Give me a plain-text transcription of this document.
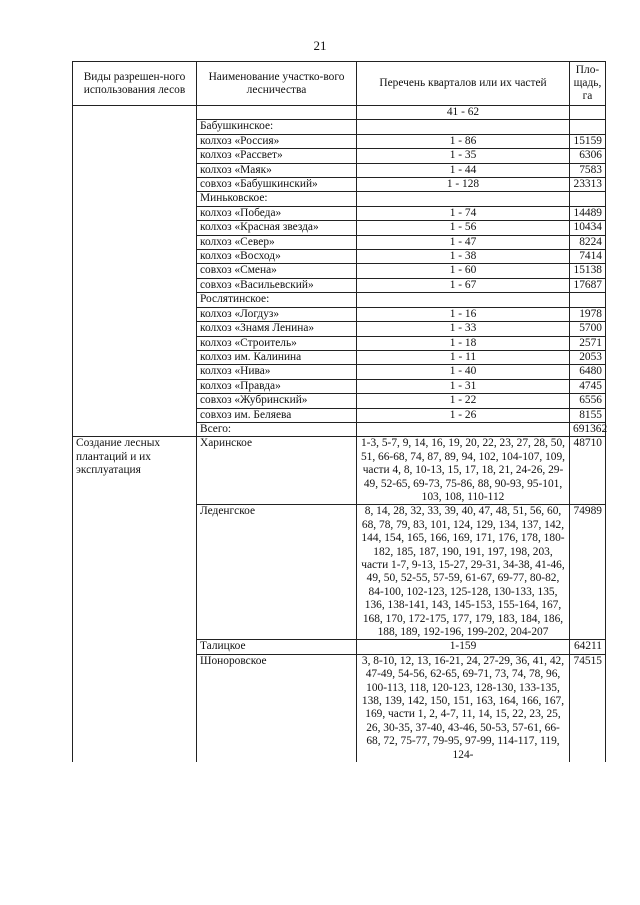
21
Виды разрешен-ного использования лесов	Наименование участко-вого лесничества	Перечень кварталов или их частей	Пло-щадь, га
		41 - 62	
	Бабушкинское:		
	колхоз «Россия»	1 - 86	15159
	колхоз «Рассвет»	1 - 35	6306
	колхоз «Маяк»	1 - 44	7583
	совхоз «Бабушкинский»	1 - 128	23313
	Миньковское:		
	колхоз «Победа»	1 - 74	14489
	колхоз «Красная звезда»	1 - 56	10434
	колхоз «Север»	1 - 47	8224
	колхоз «Восход»	1 - 38	7414
	совхоз «Смена»	1 - 60	15138
	совхоз «Васильевский»	1 - 67	17687
	Рослятинское:		
	колхоз «Логдуз»	1 - 16	1978
	колхоз «Знамя Ленина»	1 - 33	5700
	колхоз «Строитель»	1 - 18	2571
	колхоз им. Калинина	1 - 11	2053
	колхоз «Нива»	1 - 40	6480
	колхоз «Правда»	1 - 31	4745
	совхоз «Жубринский»	1 - 22	6556
	совхоз им. Беляева	1 - 26	8155
	Всего:		691362
Создание лесных плантаций и их эксплуатация	Харинское	1-3, 5-7, 9, 14, 16, 19, 20, 22, 23, 27, 28, 50, 51, 66-68, 74, 87, 89, 94, 102, 104-107, 109, части 4, 8, 10-13, 15, 17, 18, 21, 24-26, 29-49, 52-65, 69-73, 75-86, 88, 90-93, 95-101, 103, 108, 110-112	48710
	Леденгское	8, 14, 28, 32, 33, 39, 40, 47, 48, 51, 56, 60, 68, 78, 79, 83, 101, 124, 129, 134, 137, 142, 144, 154, 165, 166, 169, 171, 176, 178, 180-182, 185, 187, 190, 191, 197, 198, 203, части 1-7, 9-13, 15-27, 29-31, 34-38, 41-46, 49, 50, 52-55, 57-59, 61-67, 69-77, 80-82, 84-100, 102-123, 125-128, 130-133, 135, 136, 138-141, 143, 145-153, 155-164, 167, 168, 170, 172-175, 177, 179, 183, 184, 186, 188, 189, 192-196, 199-202, 204-207	74989
	Талицкое	1-159	64211
	Шоноровское	3, 8-10, 12, 13, 16-21, 24, 27-29, 36, 41, 42, 47-49, 54-56, 62-65, 69-71, 73, 74, 78, 96, 100-113, 118, 120-123, 128-130, 133-135, 138, 139, 142, 150, 151, 163, 164, 166, 167, 169, части 1, 2, 4-7, 11, 14, 15, 22, 23, 25, 26, 30-35, 37-40, 43-46, 50-53, 57-61, 66-68, 72, 75-77, 79-95, 97-99, 114-117, 119, 124-	74515
